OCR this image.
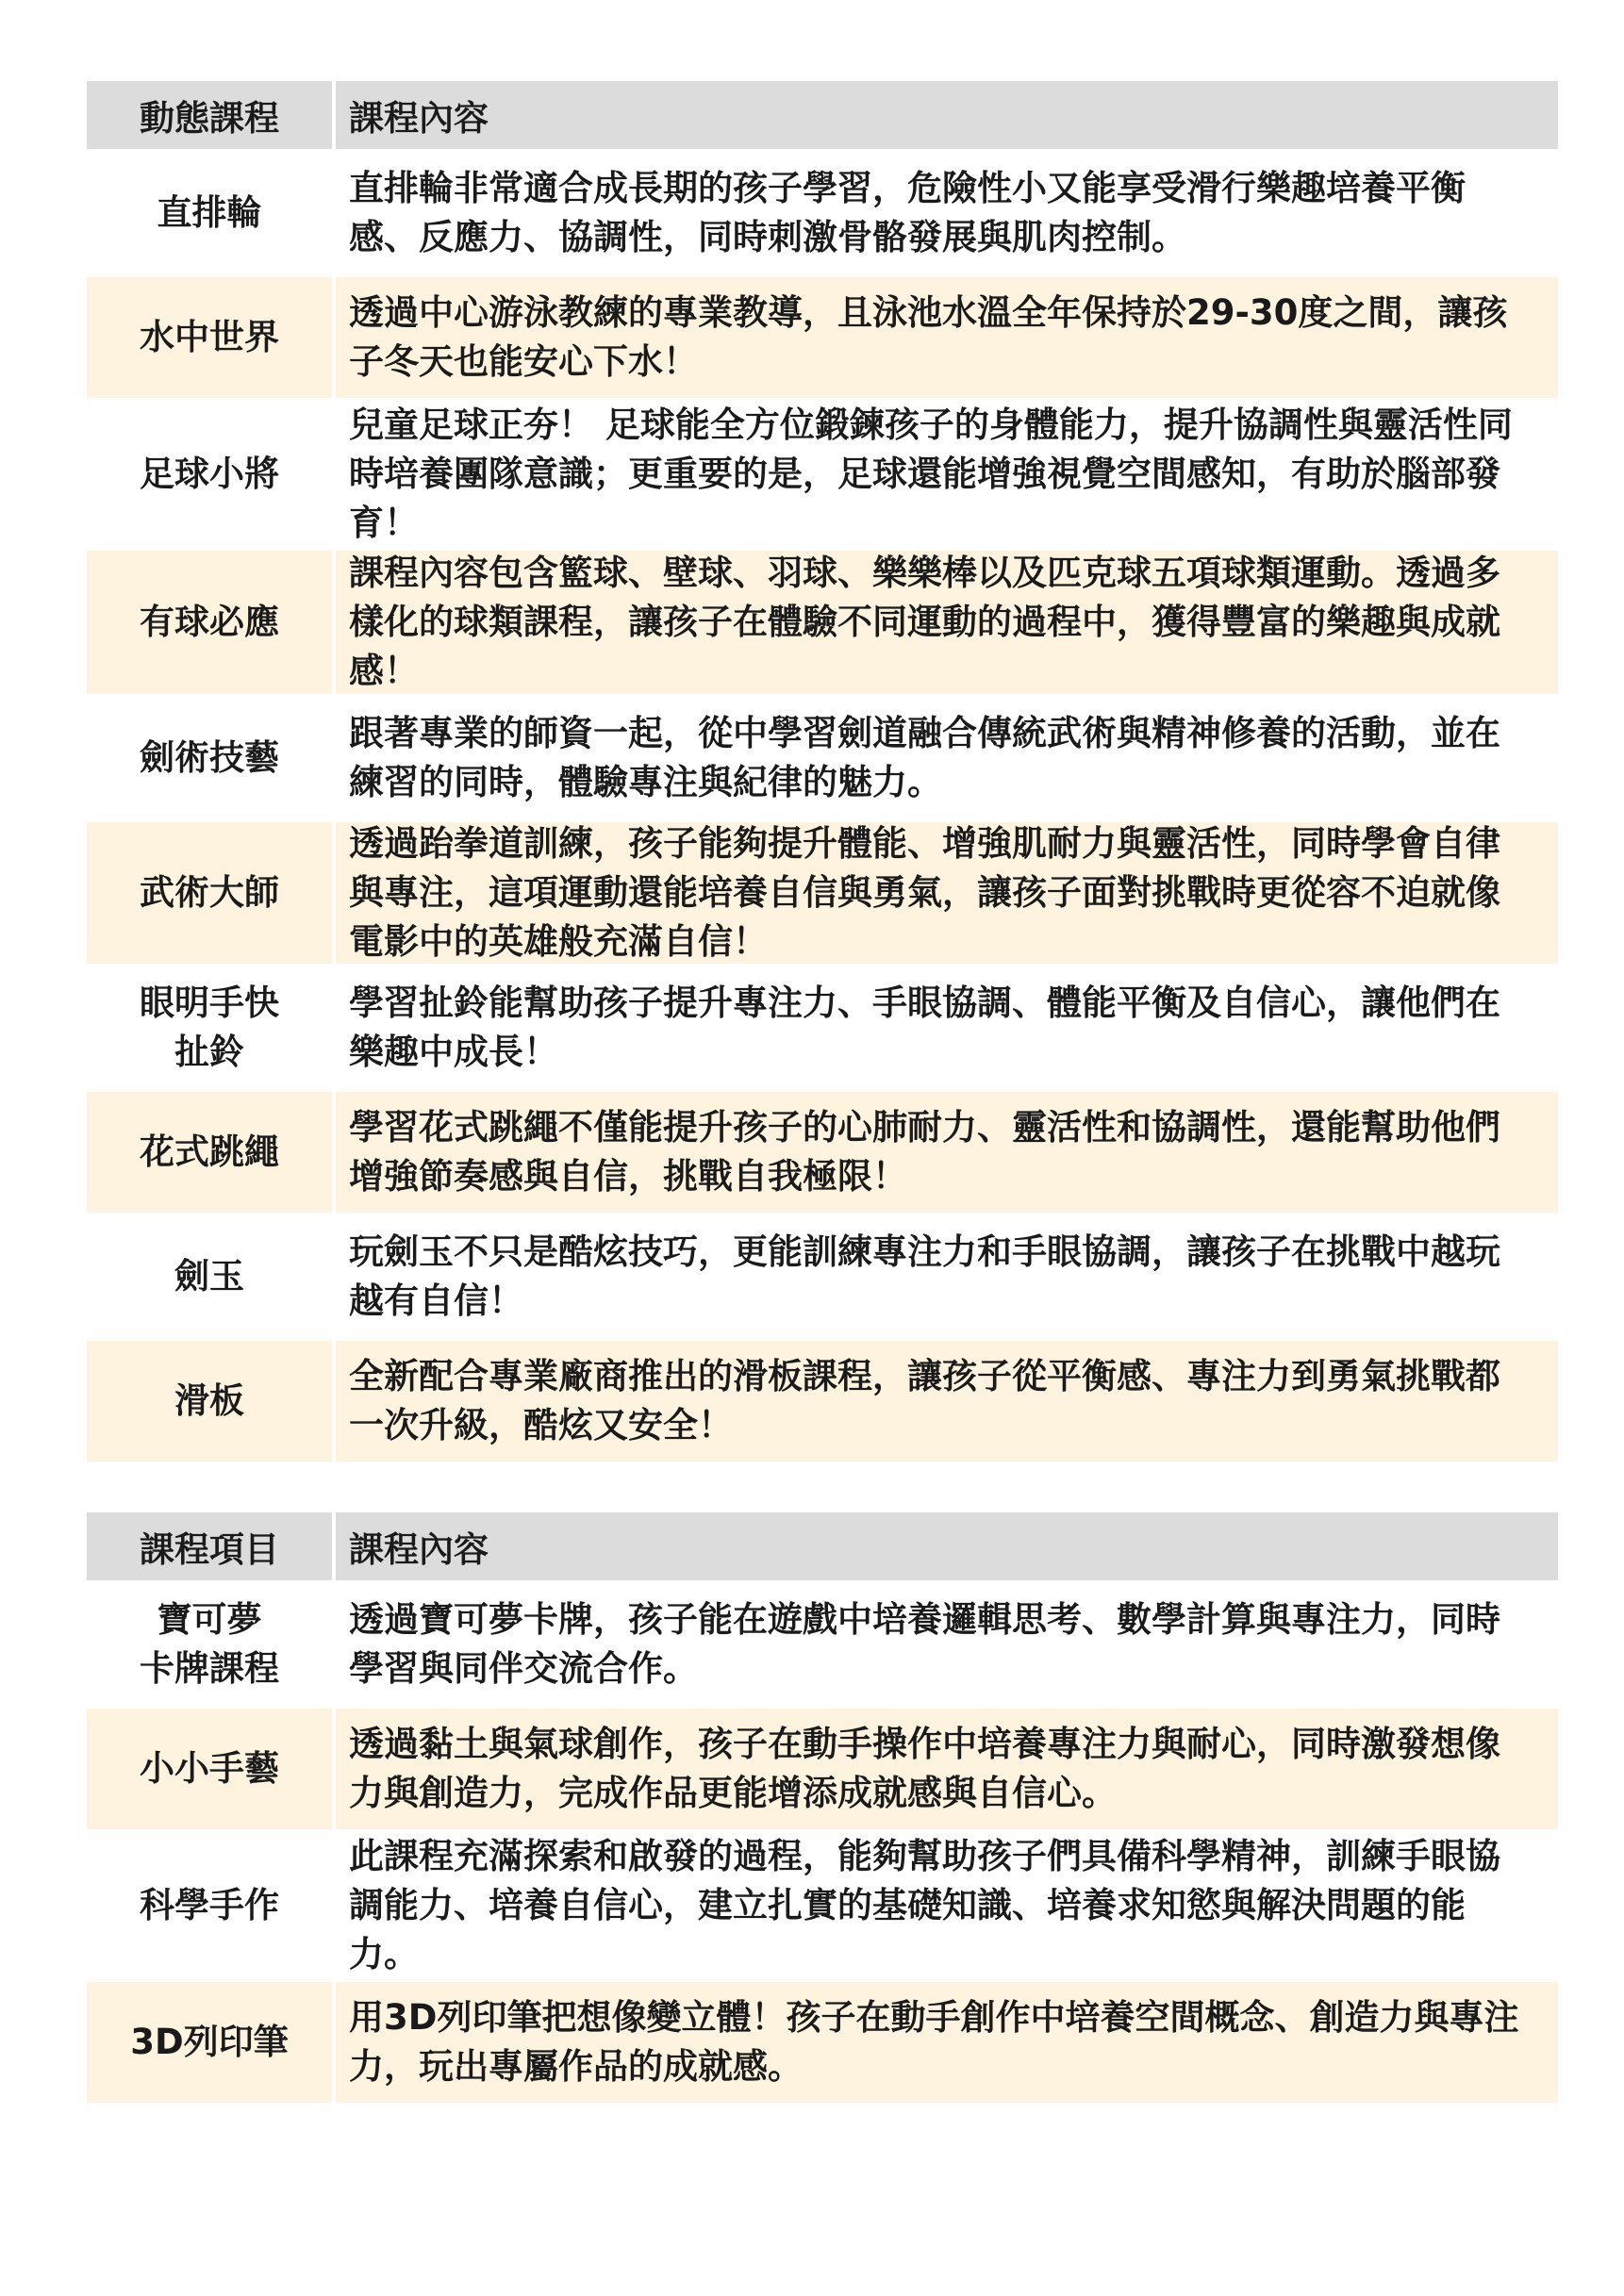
動態課程	課程內容
直排輪
直排輪非常適合成長期的孩子學習，危險性小又能享受滑行樂趣培養平衡感、反應力、協調性，同時刺激骨骼發展與肌肉控制。
水中世界
透過中心游泳教練的專業教導，且泳池水溫全年保持於29-30度之間，讓孩子冬天也能安心下水！
足球小將
兒童足球正夯！ 足球能全方位鍛鍊孩子的身體能力，提升協調性與靈活性同時培養團隊意識；更重要的是，足球還能增強視覺空間感知，有助於腦部發育！
有球必應
課程內容包含籃球、壁球、羽球、樂樂棒以及匹克球五項球類運動。透過多樣化的球類課程，讓孩子在體驗不同運動的過程中，獲得豐富的樂趣與成就感！
劍術技藝
跟著專業的師資一起，從中學習劍道融合傳統武術與精神修養的活動，並在練習的同時，體驗專注與紀律的魅力。
武術大師
透過跆拳道訓練，孩子能夠提升體能、增強肌耐力與靈活性，同時學會自律與專注，這項運動還能培養自信與勇氣，讓孩子面對挑戰時更從容不迫就像電影中的英雄般充滿自信！
眼明手快
扯鈴
學習扯鈴能幫助孩子提升專注力、手眼協調、體能平衡及自信心，讓他們在樂趣中成長！
花式跳繩
學習花式跳繩不僅能提升孩子的心肺耐力、靈活性和協調性，還能幫助他們增強節奏感與自信，挑戰自我極限！
劍玉
玩劍玉不只是酷炫技巧，更能訓練專注力和手眼協調，讓孩子在挑戰中越玩越有自信！
滑板
全新配合專業廠商推出的滑板課程，讓孩子從平衡感、專注力到勇氣挑戰都一次升級，酷炫又安全！
課程項目	課程內容
寶可夢
卡牌課程
透過寶可夢卡牌，孩子能在遊戲中培養邏輯思考、數學計算與專注力，同時學習與同伴交流合作。
小小手藝
透過黏土與氣球創作，孩子在動手操作中培養專注力與耐心，同時激發想像力與創造力，完成作品更能增添成就感與自信心。
科學手作
此課程充滿探索和啟發的過程，能夠幫助孩子們具備科學精神，訓練手眼協調能力、培養自信心，建立扎實的基礎知識、培養求知慾與解決問題的能力。
3D列印筆
用3D列印筆把想像變立體！孩子在動手創作中培養空間概念、創造力與專注力，玩出專屬作品的成就感。
